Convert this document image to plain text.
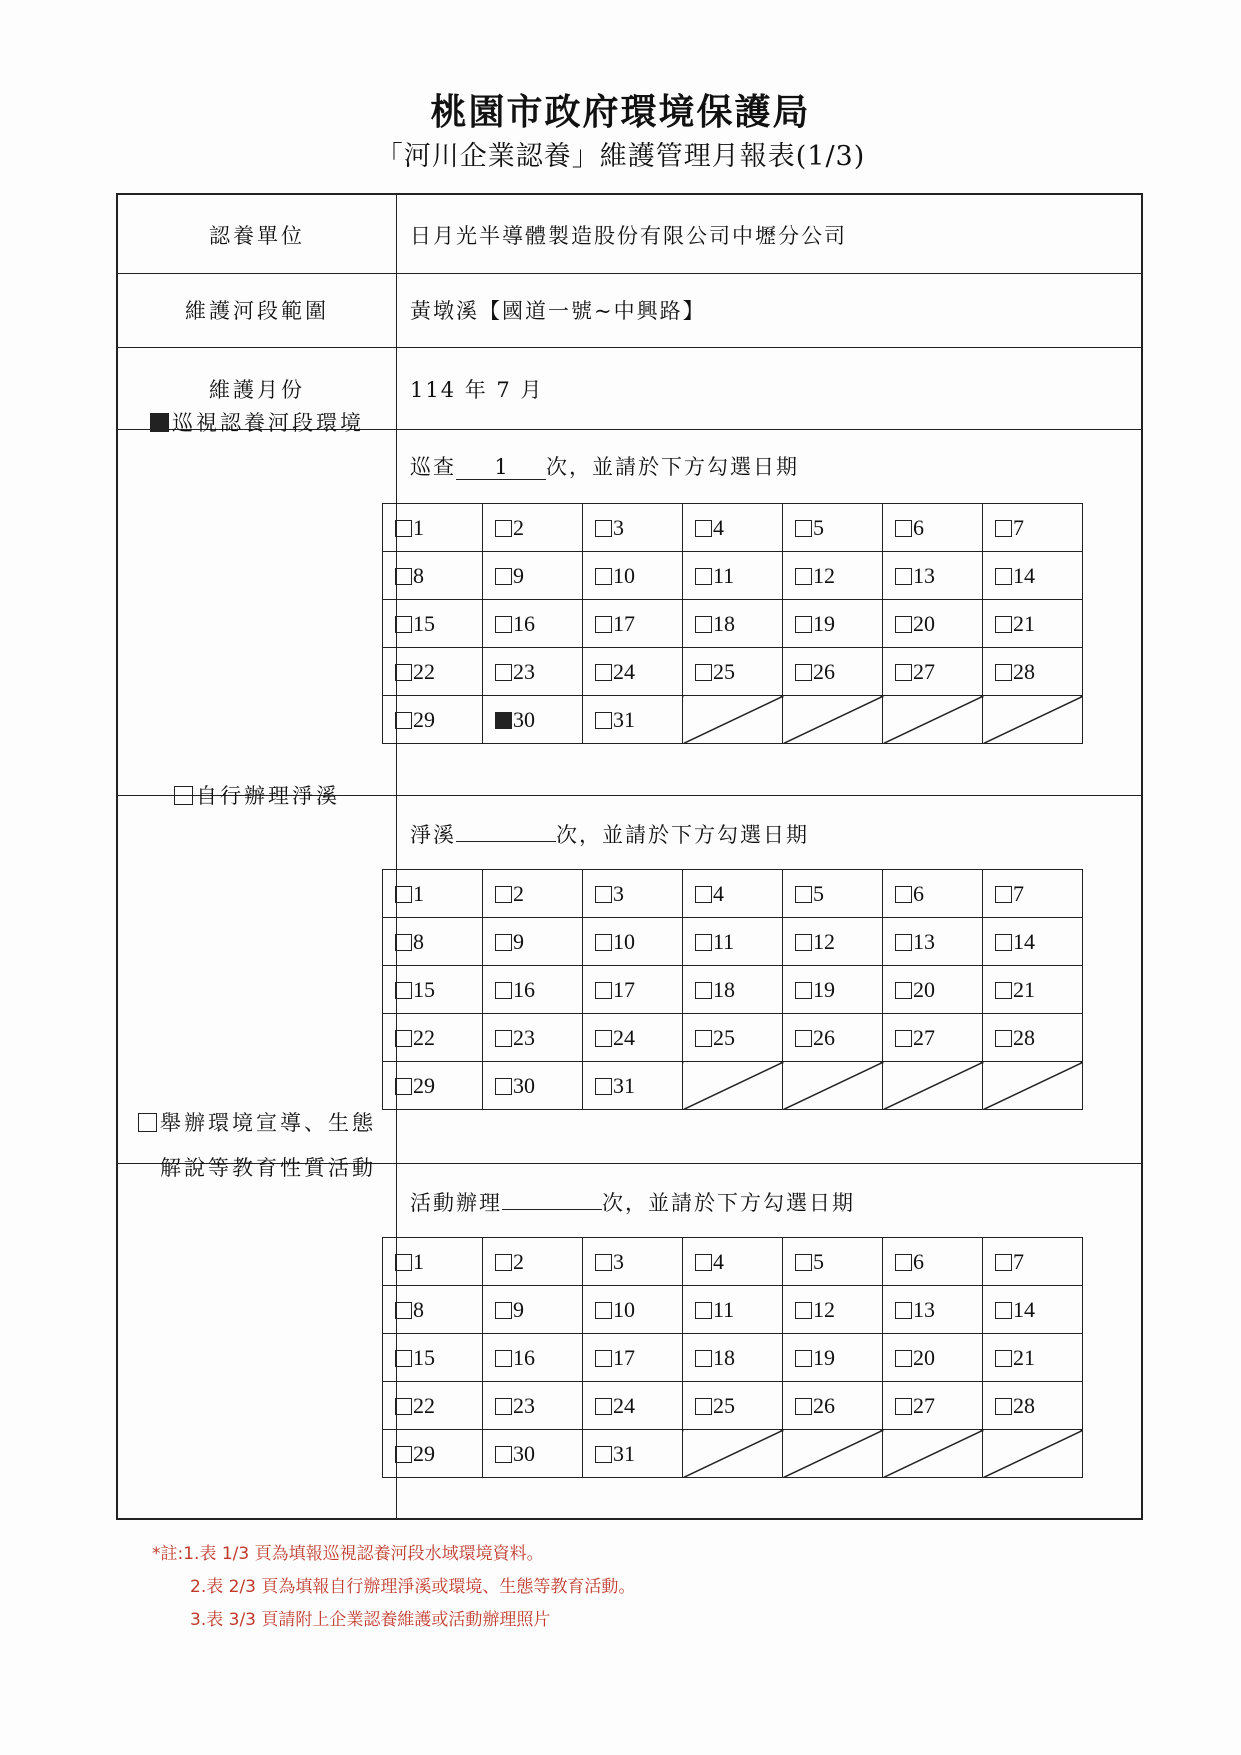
桃園市政府環境保護局
「河川企業認養」維護管理月報表(1/3)
認養單位	日月光半導體製造股份有限公司中壢分公司
維護河段範圍	黃墩溪【國道一號~中興路】
維護月份	114 年 7 月
巡視認養河段環境
巡查 1 次，並請於下方勾選日期
1	2	3	4	5	6	7
8	9	10	11	12	13	14
15	16	17	18	19	20	21
22	23	24	25	26	27	28
29	30	31				
自行辦理淨溪
淨溪	次，並請於下方勾選日期
1	2	3	4	5	6	7
8	9	10	11	12	13	14
15	16	17	18	19	20	21
22	23	24	25	26	27	28
29	30	31				
舉辦環境宣導、生態
解說等教育性質活動
活動辦理	次，並請於下方勾選日期
1	2	3	4	5	6	7
8	9	10	11	12	13	14
15	16	17	18	19	20	21
22	23	24	25	26	27	28
29	30	31				
*註:1.表 1/3 頁為填報巡視認養河段水域環境資料。
2.表 2/3 頁為填報自行辦理淨溪或環境、生態等教育活動。
3.表 3/3 頁請附上企業認養維護或活動辦理照片
